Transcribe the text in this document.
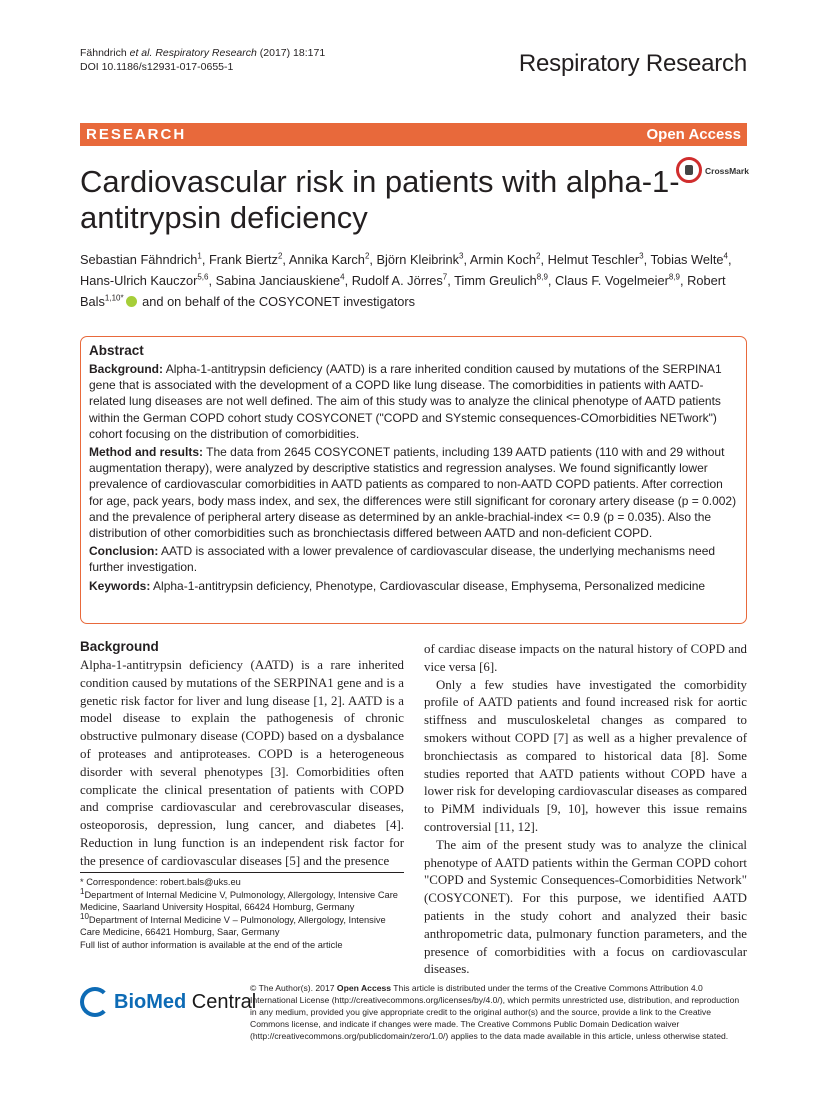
Fähndrich et al. Respiratory Research (2017) 18:171
DOI 10.1186/s12931-017-0655-1	Respiratory Research
RESEARCH	Open Access
Cardiovascular risk in patients with alpha-1-antitrypsin deficiency
CrossMark
Sebastian Fähndrich$^1$, Frank Biertz$^2$, Annika Karch$^2$, Björn Kleibrink$^3$, Armin Koch$^2$, Helmut Teschler$^3$, Tobias Welte$^4$, Hans-Ulrich Kauczor$^{5,6}$, Sabina Janciauskiene$^4$, Rudolf A. Jörres$^7$, Timm Greulich$^{8,9}$, Claus F. Vogelmeier$^{8,9}$, Robert Bals$^{1,10*}$ and on behalf of the COSYCONET investigators
Abstract

Background: Alpha-1-antitrypsin deficiency (AATD) is a rare inherited condition caused by mutations of the SERPINA1 gene that is associated with the development of a COPD like lung disease. The comorbidities in patients with AATD-related lung diseases are not well defined. The aim of this study was to analyze the clinical phenotype of AATD patients within the German COPD cohort study COSYCONET ("COPD and SYstemic consequences-COmorbidities NETwork") cohort focusing on the distribution of comorbidities.

Method and results: The data from 2645 COSYCONET patients, including 139 AATD patients (110 with and 29 without augmentation therapy), were analyzed by descriptive statistics and regression analyses. We found significantly lower prevalence of cardiovascular comorbidities in AATD patients as compared to non-AATD COPD patients. After correction for age, pack years, body mass index, and sex, the differences were still significant for coronary artery disease (p = 0.002) and the prevalence of peripheral artery disease as determined by an ankle-brachial-index <= 0.9 (p = 0.035). Also the distribution of other comorbidities such as bronchiectasis differed between AATD and non-deficient COPD.

Conclusion: AATD is associated with a lower prevalence of cardiovascular disease, the underlying mechanisms need further investigation.

Keywords: Alpha-1-antitrypsin deficiency, Phenotype, Cardiovascular disease, Emphysema, Personalized medicine

Background

Alpha-1-antitrypsin deficiency (AATD) is a rare inherited condition caused by mutations of the SERPINA1 gene and is a genetic risk factor for liver and lung disease [1, 2]. AATD is a model disease to explain the pathogenesis of chronic obstructive pulmonary disease (COPD) based on a dysbalance of proteases and antiproteases. COPD is a heterogeneous disorder with several phenotypes [3]. Comorbidities often complicate the clinical presentation of patients with COPD and comprise cardiovascular and cerebrovascular diseases, osteoporosis, depression, lung cancer, and diabetes [4]. Reduction in lung function is an independent risk factor for the presence of cardiovascular diseases [5] and the presence

of cardiac disease impacts on the natural history of COPD and vice versa [6].

Only a few studies have investigated the comorbidity profile of AATD patients and found increased risk for aortic stiffness and musculoskeletal changes as compared to smokers without COPD [7] as well as a higher prevalence of bronchiectasis as compared to historical data [8]. Some studies reported that AATD patients without COPD have a lower risk for developing cardiovascular diseases as compared to PiMM individuals [9, 10], however this issue remains controversial [11, 12].

The aim of the present study was to analyze the clinical phenotype of AATD patients within the German COPD cohort "COPD and Systemic Consequences-Comorbidities Network" (COSYCONET). For this purpose, we identified AATD patients in the study cohort and analyzed their basic anthropometric data, pulmonary function parameters, and the presence of comorbidities with a focus on cardiovascular diseases.

* Correspondence: robert.bals@uks.eu
$^1$Department of Internal Medicine V, Pulmonology, Allergology, Intensive Care Medicine, Saarland University Hospital, 66424 Homburg, Germany
$^{10}$Department of Internal Medicine V – Pulmonology, Allergology, Intensive Care Medicine, 66421 Homburg, Saar, Germany
Full list of author information is available at the end of the article
BioMed Central
© The Author(s). 2017 Open Access This article is distributed under the terms of the Creative Commons Attribution 4.0 International License (http://creativecommons.org/licenses/by/4.0/), which permits unrestricted use, distribution, and reproduction in any medium, provided you give appropriate credit to the original author(s) and the source, provide a link to the Creative Commons license, and indicate if changes were made. The Creative Commons Public Domain Dedication waiver (http://creativecommons.org/publicdomain/zero/1.0/) applies to the data made available in this article, unless otherwise stated.
